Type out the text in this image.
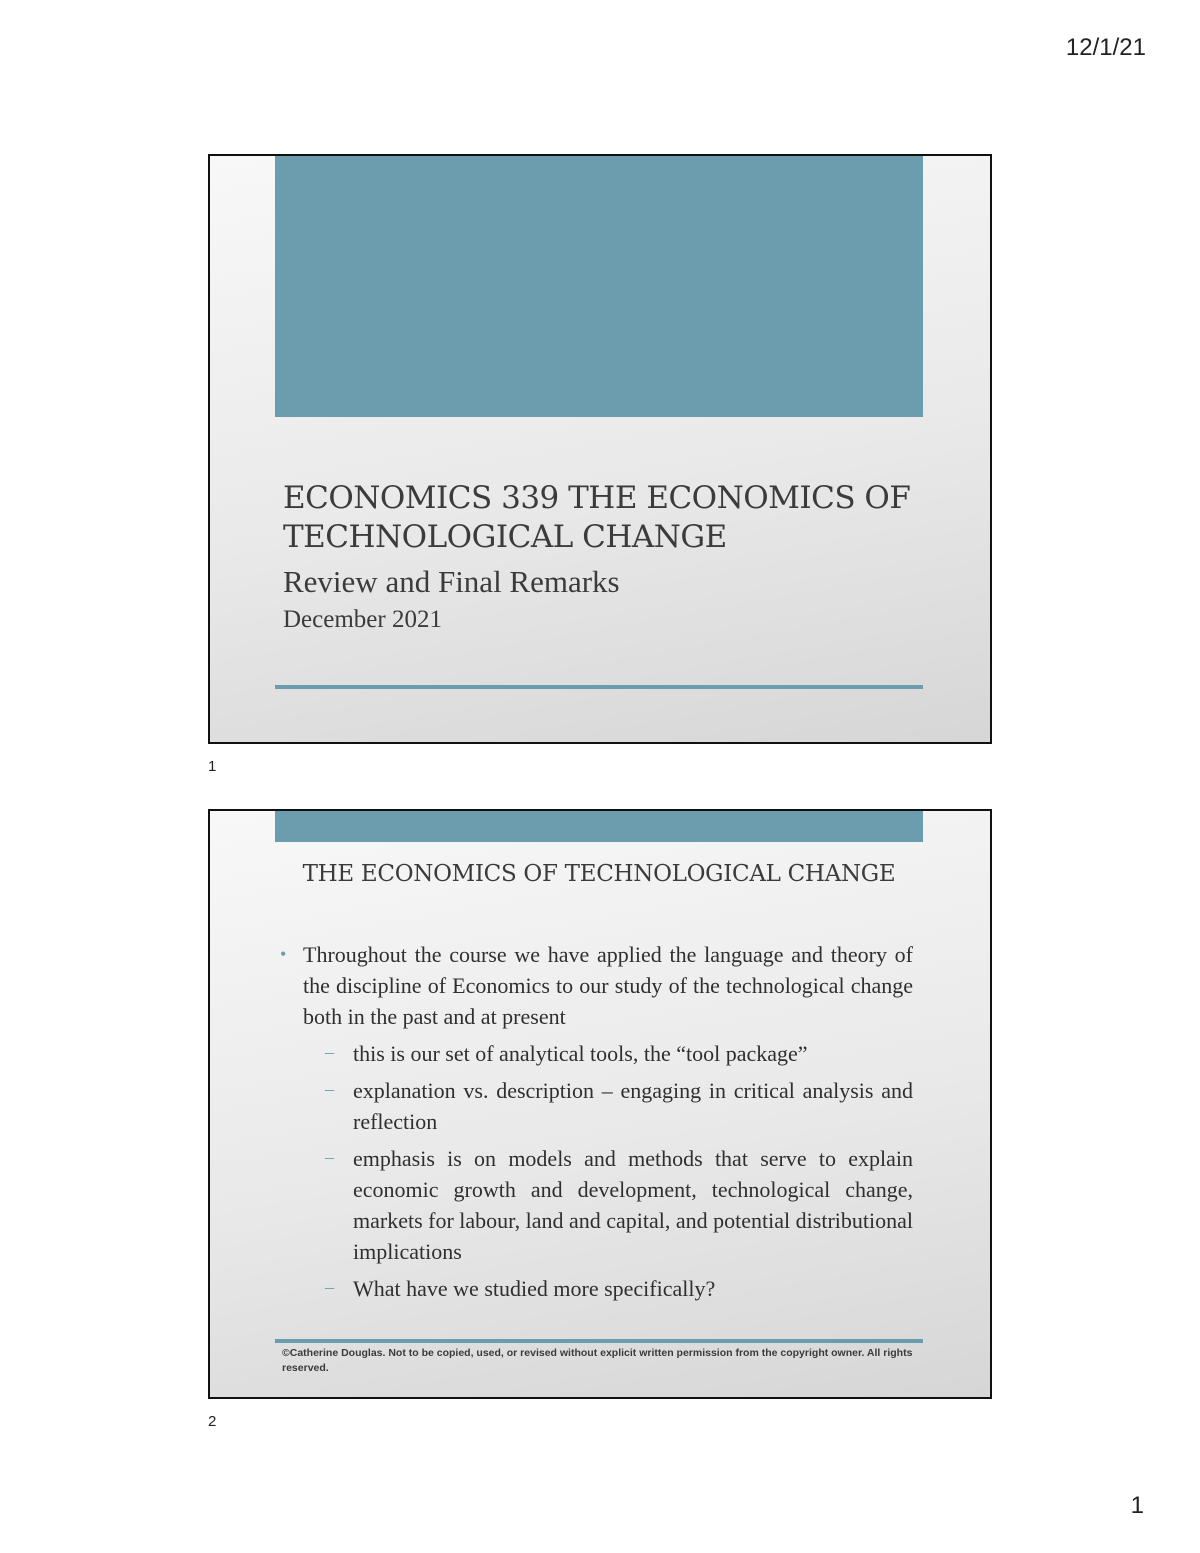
12/1/21
ECONOMICS 339 THE ECONOMICS OF TECHNOLOGICAL CHANGE
Review and Final Remarks
December 2021
1
THE ECONOMICS OF TECHNOLOGICAL CHANGE
• Throughout the course we have applied the language and theory of the discipline of Economics to our study of the technological change both in the past and at present
– this is our set of analytical tools, the “tool package”
– explanation vs. description – engaging in critical analysis and reflection
– emphasis is on models and methods that serve to explain economic growth and development, technological change, markets for labour, land and capital, and potential distributional implications
– What have we studied more specifically?
©Catherine Douglas. Not to be copied, used, or revised without explicit written permission from the copyright owner. All rights reserved.
2
1
